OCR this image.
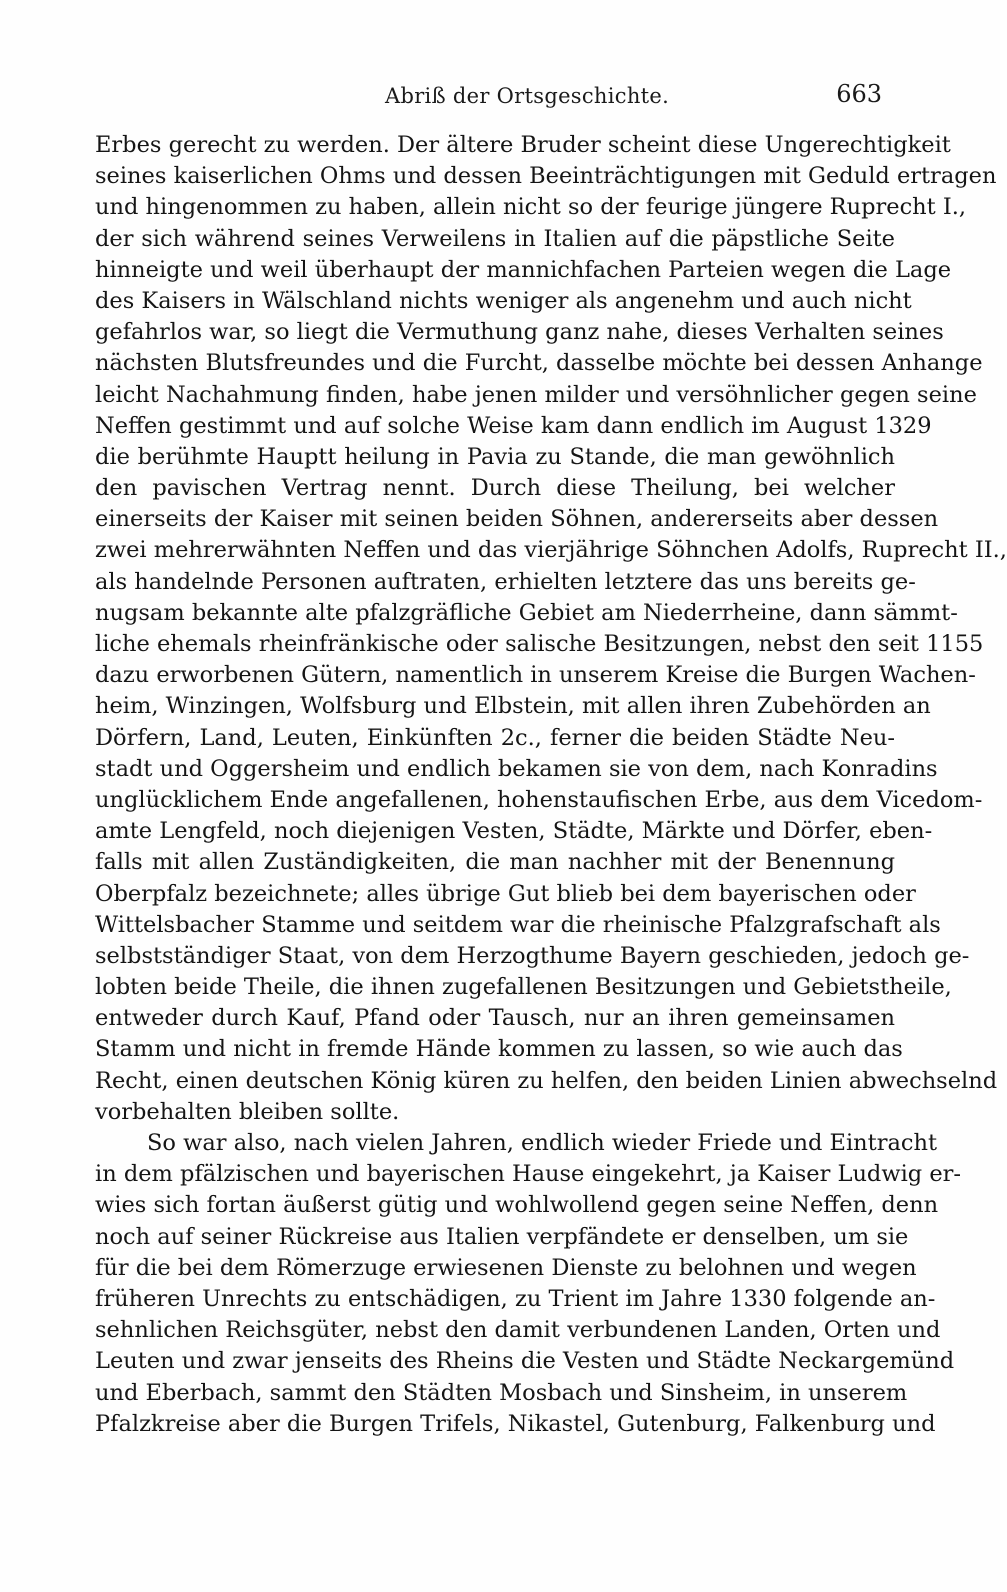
Abriß der Ortsgeschichte.	663
Erbes gerecht zu werden. Der ältere Bruder scheint diese Ungerechtigkeit
seines kaiserlichen Ohms und dessen Beeinträchtigungen mit Geduld ertragen
und hingenommen zu haben, allein nicht so der feurige jüngere Ruprecht I.,
der sich während seines Verweilens in Italien auf die päpstliche Seite
hinneigte und weil überhaupt der mannichfachen Parteien wegen die Lage
des Kaisers in Wälschland nichts weniger als angenehm und auch nicht
gefahrlos war, so liegt die Vermuthung ganz nahe, dieses Verhalten seines
nächsten Blutsfreundes und die Furcht, dasselbe möchte bei dessen Anhange
leicht Nachahmung finden, habe jenen milder und versöhnlicher gegen seine
Neffen gestimmt und auf solche Weise kam dann endlich im August 1329
die berühmte Hauptt heilung in Pavia zu Stande, die man gewöhnlich
den pavischen Vertrag nennt. Durch diese Theilung, bei welcher
einerseits der Kaiser mit seinen beiden Söhnen, andererseits aber dessen
zwei mehrerwähnten Neffen und das vierjährige Söhnchen Adolfs, Ruprecht II.,
als handelnde Personen auftraten, erhielten letztere das uns bereits ge-
nugsam bekannte alte pfalzgräfliche Gebiet am Niederrheine, dann sämmt-
liche ehemals rheinfränkische oder salische Besitzungen, nebst den seit 1155
dazu erworbenen Gütern, namentlich in unserem Kreise die Burgen Wachen-
heim, Winzingen, Wolfsburg und Elbstein, mit allen ihren Zubehörden an
Dörfern, Land, Leuten, Einkünften 2c., ferner die beiden Städte Neu-
stadt und Oggersheim und endlich bekamen sie von dem, nach Konradins
unglücklichem Ende angefallenen, hohenstaufischen Erbe, aus dem Vicedom-
amte Lengfeld, noch diejenigen Vesten, Städte, Märkte und Dörfer, eben-
falls mit allen Zuständigkeiten, die man nachher mit der Benennung
Oberpfalz bezeichnete; alles übrige Gut blieb bei dem bayerischen oder
Wittelsbacher Stamme und seitdem war die rheinische Pfalzgrafschaft als
selbstständiger Staat, von dem Herzogthume Bayern geschieden, jedoch ge-
lobten beide Theile, die ihnen zugefallenen Besitzungen und Gebietstheile,
entweder durch Kauf, Pfand oder Tausch, nur an ihren gemeinsamen
Stamm und nicht in fremde Hände kommen zu lassen, so wie auch das
Recht, einen deutschen König küren zu helfen, den beiden Linien abwechselnd
vorbehalten bleiben sollte.
So war also, nach vielen Jahren, endlich wieder Friede und Eintracht
in dem pfälzischen und bayerischen Hause eingekehrt, ja Kaiser Ludwig er-
wies sich fortan äußerst gütig und wohlwollend gegen seine Neffen, denn
noch auf seiner Rückreise aus Italien verpfändete er denselben, um sie
für die bei dem Römerzuge erwiesenen Dienste zu belohnen und wegen
früheren Unrechts zu entschädigen, zu Trient im Jahre 1330 folgende an-
sehnlichen Reichsgüter, nebst den damit verbundenen Landen, Orten und
Leuten und zwar jenseits des Rheins die Vesten und Städte Neckargemünd
und Eberbach, sammt den Städten Mosbach und Sinsheim, in unserem
Pfalzkreise aber die Burgen Trifels, Nikastel, Gutenburg, Falkenburg und
